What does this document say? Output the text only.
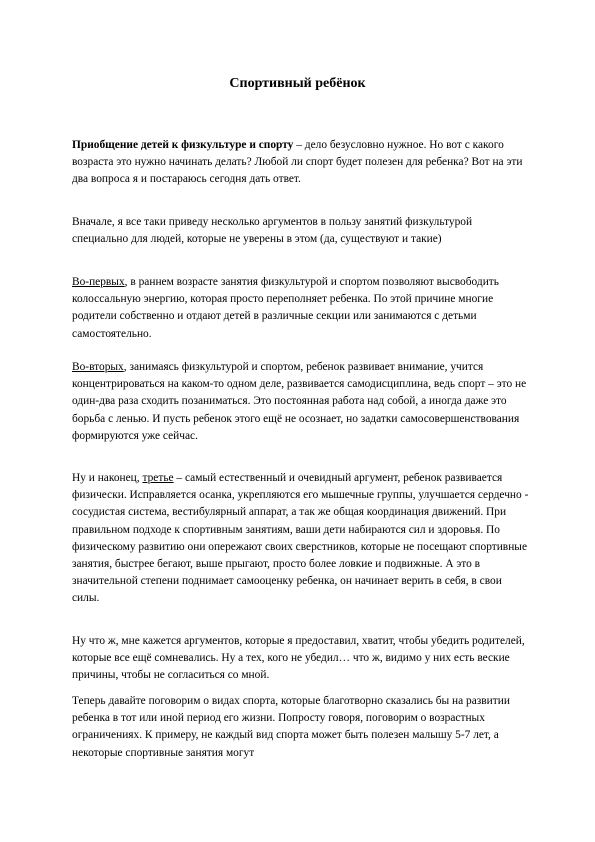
Спортивный ребёнок

Приобщение детей к физкультуре и спорту – дело безусловно нужное. Но вот с какого возраста это нужно начинать делать? Любой ли спорт будет полезен для ребенка? Вот на эти два вопроса я и постараюсь сегодня дать ответ.

Вначале, я все таки приведу несколько аргументов в пользу занятий физкультурой специально для людей, которые не уверены в этом (да, существуют и такие)

Во-первых, в раннем возрасте занятия физкультурой и спортом позволяют высвободить колоссальную энергию, которая просто переполняет ребенка. По этой причине многие родители собственно и отдают детей в различные секции или занимаются с детьми самостоятельно.

Во-вторых, занимаясь физкультурой и спортом, ребенок развивает внимание, учится концентрироваться на каком-то одном деле, развивается самодисциплина, ведь спорт – это не один-два раза сходить позаниматься. Это постоянная работа над собой, а иногда даже это борьба с ленью. И пусть ребенок этого ещё не осознает, но задатки самосовершенствования формируются уже сейчас.

Ну и наконец, третье – самый естественный и очевидный аргумент, ребенок развивается физически. Исправляется осанка, укрепляются его мышечные группы, улучшается сердечно - сосудистая система, вестибулярный аппарат, а так же общая координация движений. При правильном подходе к спортивным занятиям, ваши дети набираются сил и здоровья. По физическому развитию они опережают своих сверстников, которые не посещают спортивные занятия, быстрее бегают, выше прыгают, просто более ловкие и подвижные. А это в значительной степени поднимает самооценку ребенка, он начинает верить в себя, в свои силы.

Ну что ж, мне кажется аргументов, которые я предоставил, хватит, чтобы убедить родителей, которые все ещё сомневались. Ну а тех, кого не убедил… что ж, видимо у них есть веские причины, чтобы не согласиться со мной.

Теперь давайте поговорим о видах спорта, которые благотворно сказались бы на развитии ребенка в тот или иной период его жизни. Попросту говоря, поговорим о возрастных ограничениях. К примеру, не каждый вид спорта может быть полезен малышу 5-7 лет, а некоторые спортивные занятия могут
